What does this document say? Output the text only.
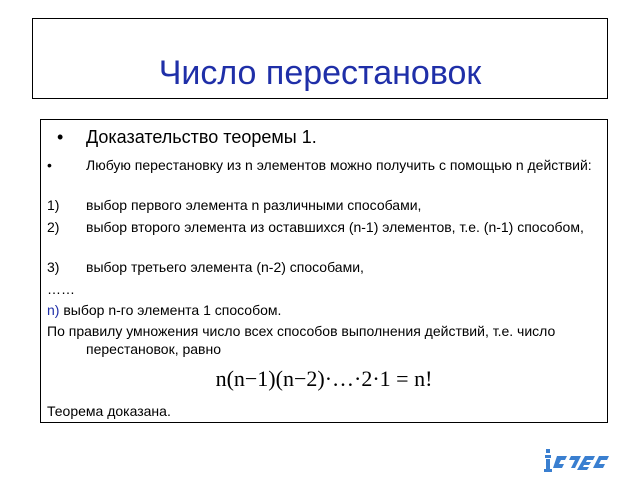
Число перестановок
• Доказательство теоремы 1.
• Любую перестановку из n элементов можно получить с помощью n действий:
1) выбор первого элемента n различными способами,
2) выбор второго элемента из оставшихся (n-1) элементов, т.е. (n-1) способом,
3) выбор третьего элемента (n-2) способами,
……
n) выбор n-го элемента 1 способом.
По правилу умножения число всех способов выполнения действий, т.е. число перестановок, равно
n(n−1)(n−2)·…·2·1 = n!
Теорема доказана.
